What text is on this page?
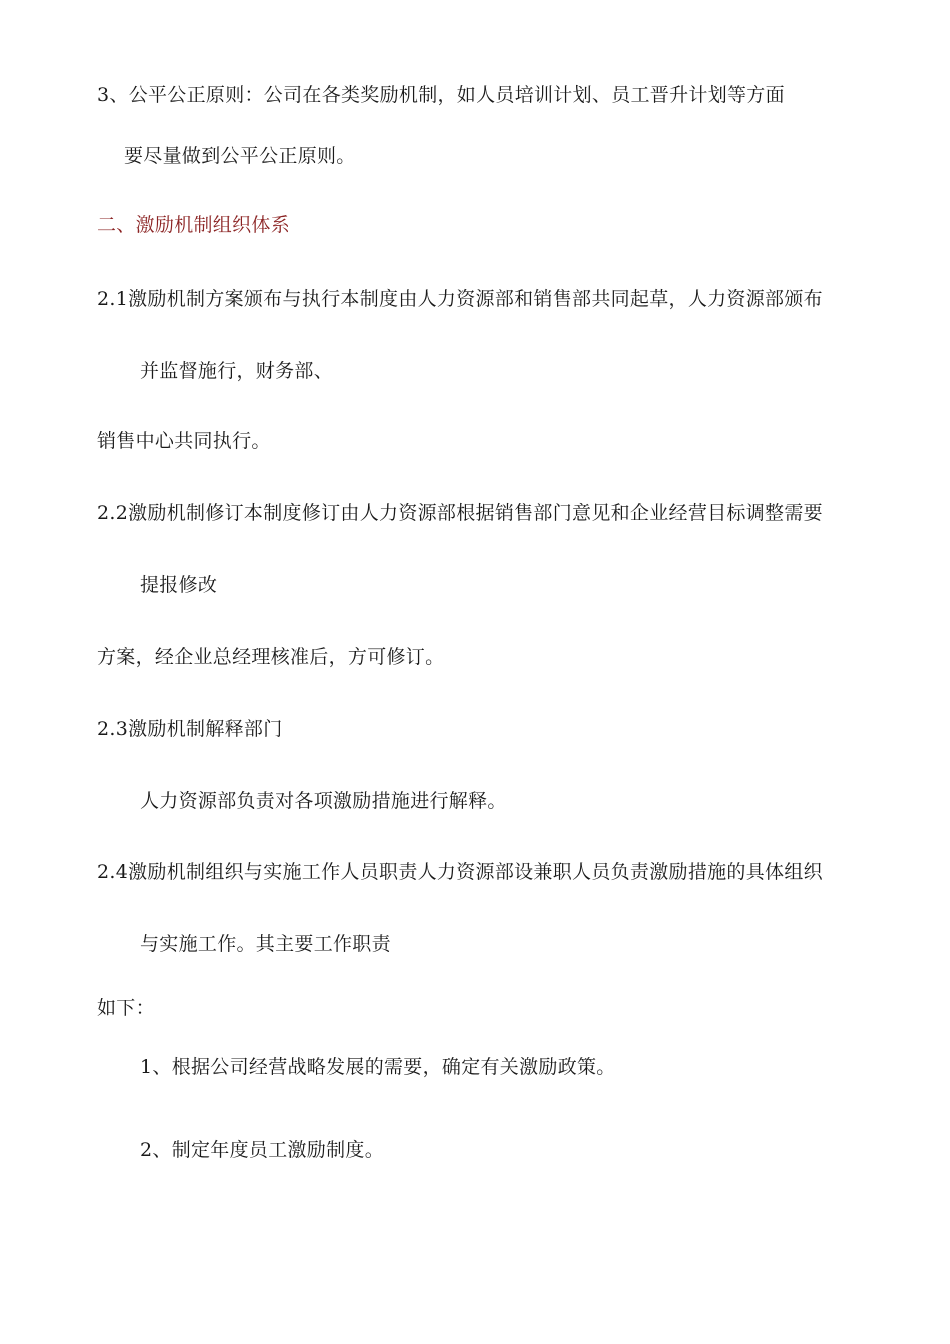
3、公平公正原则：公司在各类奖励机制，如人员培训计划、员工晋升计划等方面
要尽量做到公平公正原则。
二、激励机制组织体系
2.1激励机制方案颁布与执行本制度由人力资源部和销售部共同起草，人力资源部颁布
并监督施行，财务部、
销售中心共同执行。
2.2激励机制修订本制度修订由人力资源部根据销售部门意见和企业经营目标调整需要
提报修改
方案，经企业总经理核准后，方可修订。
2.3激励机制解释部门
人力资源部负责对各项激励措施进行解释。
2.4激励机制组织与实施工作人员职责人力资源部设兼职人员负责激励措施的具体组织
与实施工作。其主要工作职责
如下：
1、根据公司经营战略发展的需要，确定有关激励政策。
2、制定年度员工激励制度。
